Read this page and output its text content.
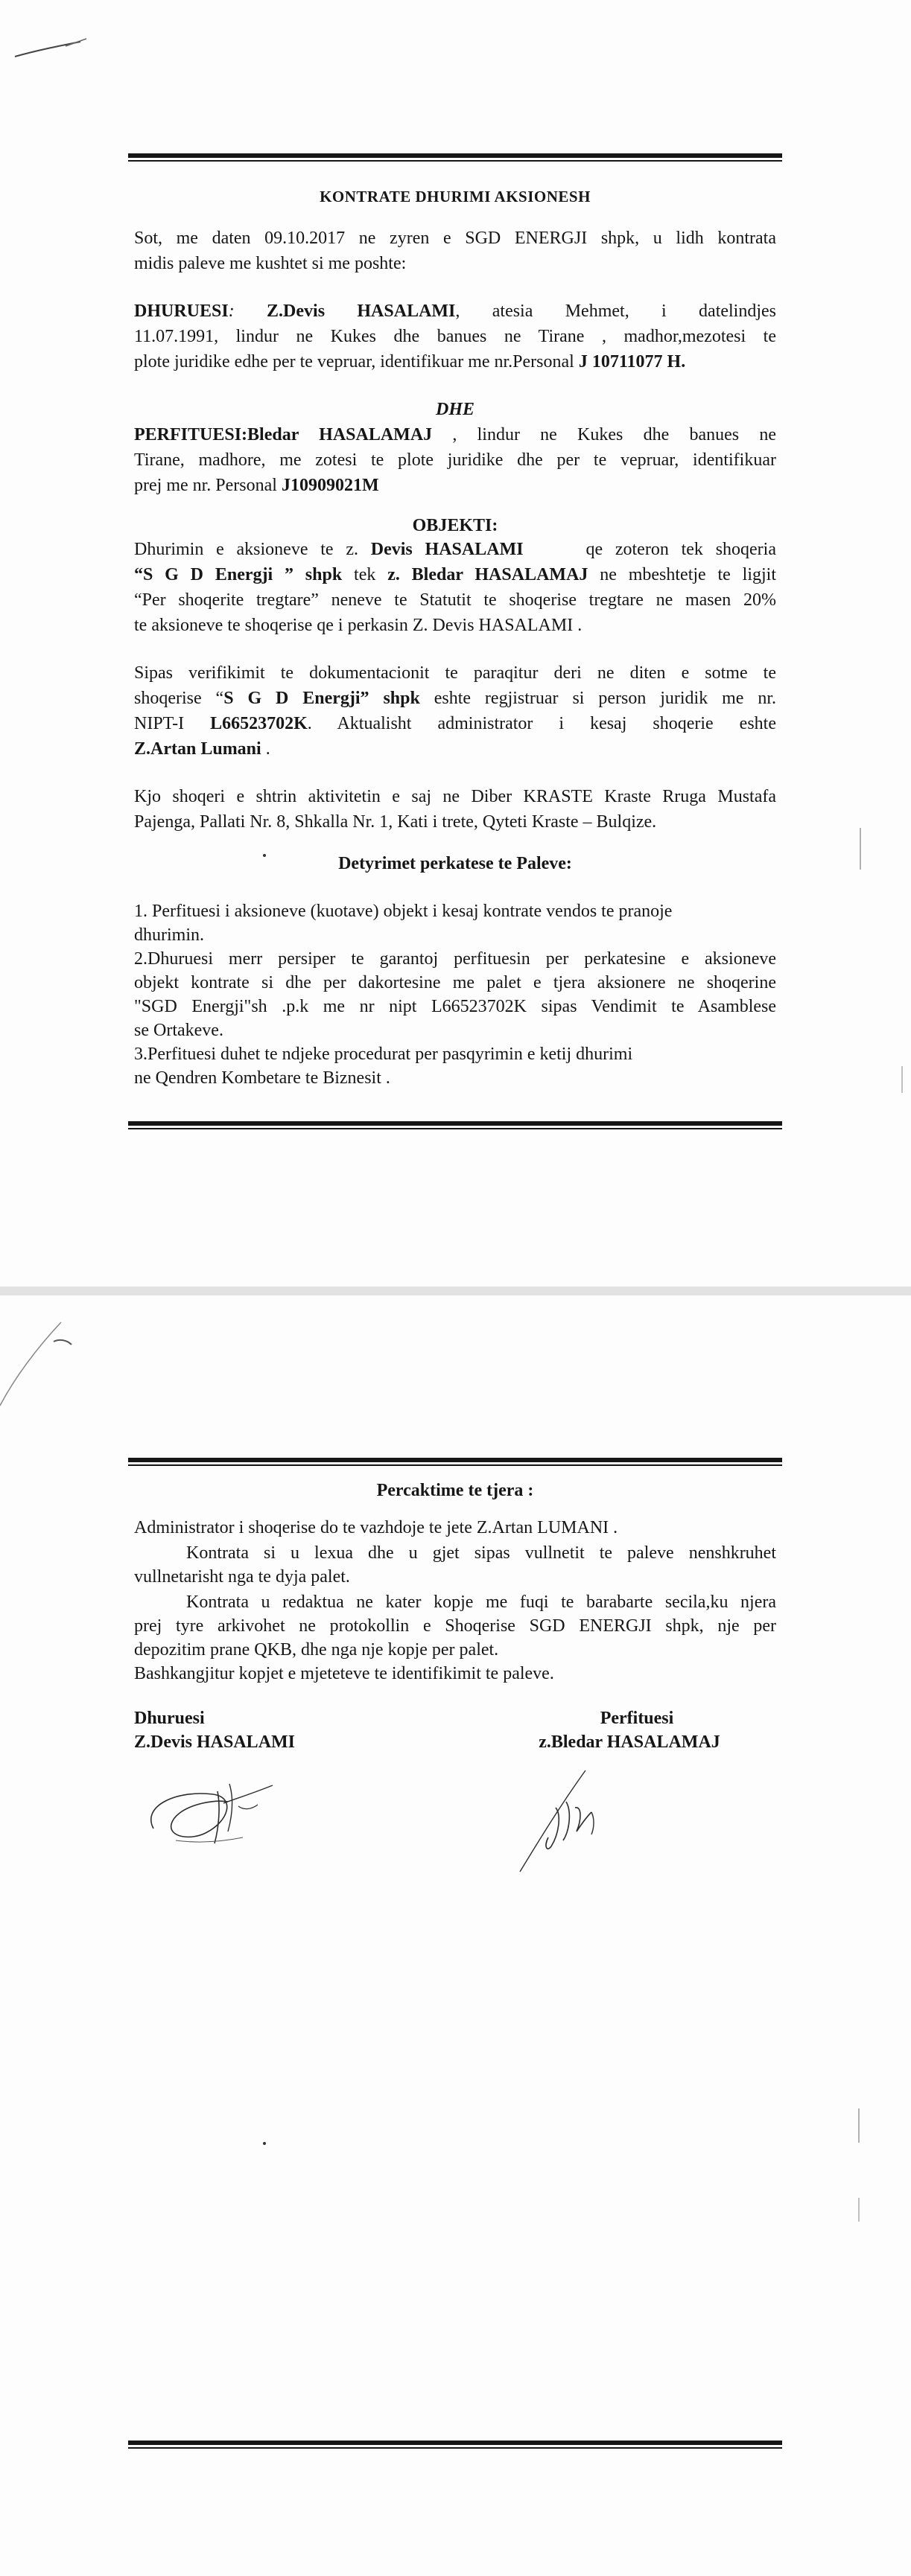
KONTRATE DHURIMI AKSIONESH
Sot, me daten 09.10.2017 ne zyren e SGD ENERGJI shpk, u lidh kontrata
midis paleve me kushtet si me poshte:
DHURUESI: Z.Devis HASALAMI, atesia Mehmet, i datelindjes
11.07.1991, lindur ne Kukes dhe banues ne Tirane , madhor,mezotesi te
plote juridike edhe per te vepruar, identifikuar me nr.Personal J 10711077 H.
DHE
PERFITUESI:Bledar HASALAMAJ , lindur ne Kukes dhe banues ne
Tirane, madhore, me zotesi te plote juridike dhe per te vepruar, identifikuar
prej me nr. Personal J10909021M
OBJEKTI:
Dhurimin e aksioneve te z. Devis HASALAMI	qe zoteron tek shoqeria
“S G D Energji ” shpk tek z. Bledar HASALAMAJ ne mbeshtetje te ligjit
“Per shoqerite tregtare” neneve te Statutit te shoqerise tregtare ne masen 20%
te aksioneve te shoqerise qe i perkasin Z. Devis HASALAMI .
Sipas verifikimit te dokumentacionit te paraqitur deri ne diten e sotme te
shoqerise “S G D Energji” shpk eshte regjistruar si person juridik me nr.
NIPT-I L66523702K. Aktualisht administrator i kesaj shoqerie eshte
Z.Artan Lumani .
Kjo shoqeri e shtrin aktivitetin e saj ne Diber KRASTE Kraste Rruga Mustafa
Pajenga, Pallati Nr. 8, Shkalla Nr. 1, Kati i trete, Qyteti Kraste – Bulqize.
Detyrimet perkatese te Paleve:
1. Perfituesi i aksioneve (kuotave) objekt i kesaj kontrate vendos te pranoje
dhurimin.
2.Dhuruesi merr persiper te garantoj perfituesin per perkatesine e aksioneve
objekt kontrate si dhe per dakortesine me palet e tjera aksionere ne shoqerine
"SGD Energji"sh .p.k me nr nipt L66523702K sipas Vendimit te Asamblese
se Ortakeve.
3.Perfituesi duhet te ndjeke procedurat per pasqyrimin e ketij dhurimi
ne Qendren Kombetare te Biznesit .
Percaktime te tjera :
Administrator i shoqerise do te vazhdoje te jete Z.Artan LUMANI .
Kontrata si u lexua dhe u gjet sipas vullnetit te paleve nenshkruhet
vullnetarisht nga te dyja palet.
Kontrata u redaktua ne kater kopje me fuqi te barabarte secila,ku njera
prej tyre arkivohet ne protokollin e Shoqerise SGD ENERGJI shpk, nje per
depozitim prane QKB, dhe nga nje kopje per palet.
Bashkangjitur kopjet e mjeteteve te identifikimit te paleve.
Dhuruesi
Z.Devis HASALAMI
Perfituesi
z.Bledar HASALAMAJ
